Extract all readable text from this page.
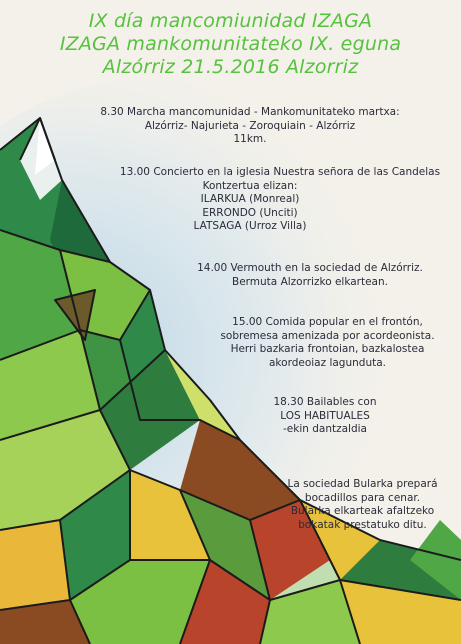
IX día mancomiunidad IZAGA
IZAGA mankomunitateko IX. eguna
Alzórriz 21.5.2016 Alzorriz
8.30 Marcha mancomunidad - Mankomunitateko martxa:
Alzórriz- Najurieta - Zoroquiain - Alzórriz
11km.
13.00 Concierto en la iglesia Nuestra señora de las Candelas
Kontzertua elizan:
ILARKUA (Monreal)
ERRONDO (Unciti)
LATSAGA (Urroz Villa)
14.00 Vermouth en la sociedad de Alzórriz.
Bermuta Alzorrizko elkartean.
15.00 Comida popular en el frontón,
sobremesa amenizada por acordeonista.
Herri bazkaria frontoian, bazkalostea
akordeoiaz lagunduta.
18.30 Bailables con
LOS HABITUALES
-ekin dantzaldia
La sociedad Bularka preparа́
bocadillos para cenar.
Bularka elkarteak afaltzeko
bokatak prestatuko ditu.
